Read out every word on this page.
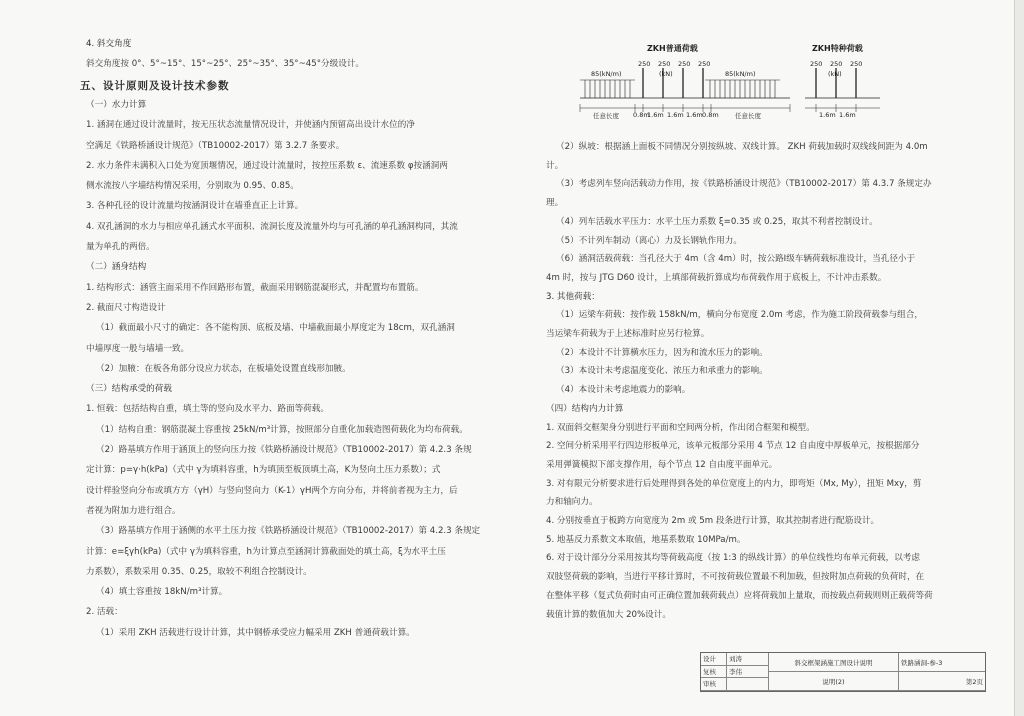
4. 斜交角度
斜交角度按 0°、5°~15°、15°~25°、25°~35°、35°~45°分级设计。
五、设计原则及设计技术参数
（一）水力计算
1. 涵洞在通过设计流量时，按无压状态流量情况设计，并使涵内预留高出设计水位的净
空满足《铁路桥涵设计规范》（TB10002-2017）第 3.2.7 条要求。
2. 水力条件未满积入口处为宽顶堰情况，通过设计流量时，按控压系数 ε、流速系数 φ按涵洞两
侧水流按八字墙结构情况采用，分别取为 0.95、0.85。
3. 各种孔径的设计流量均按涵洞设计在墙垂直正上计算。
4. 双孔涵洞的水力与相应单孔涵式水平面积、流洞长度及流量外均与可孔涵的单孔涵洞构同，其流
量为单孔的两倍。
（二）涵身结构
1. 结构形式：涵管主面采用不作回路形布置，截面采用钢筋混凝形式，并配置均布置筋。
2. 截面尺寸构造设计
（1）截面最小尺寸的确定：各不能构顶、底板及墙、中墙截面最小厚度定为 18cm，双孔涵洞
中墙厚度一般与墙墙一致。
（2）加腋：在板各角部分设应力状态，在板墙处设置直线形加腋。
（三）结构承受的荷载
1. 恒载：包括结构自重，填土等的竖向及水平力、路面等荷载。
（1）结构自重：钢筋混凝土容重按 25kN/m³计算，按照部分自重化加载造图荷载化为均布荷载。
（2）路基填方作用于涵顶上的竖向压力按《铁路桥涵设计规范》（TB10002-2017）第 4.2.3 条规
定计算：p=γ·h(kPa)（式中 γ为填料容重，h为填顶至板顶填土高，K为竖向土压力系数）；式
设计样验竖向分布或填方方（γH）与竖向竖向力（K-1）γH两个方向分布，并将前者视为主力，后
者视为附加力进行组合。
（3）路基填方作用于涵侧的水平土压力按《铁路桥涵设计规范》（TB10002-2017）第 4.2.3 条规定
计算：e=ξγh(kPa)（式中 γ为填料容重，h为计算点至涵洞计算截面处的填土高，ξ为水平土压
力系数），系数采用 0.35、0.25，取较不利组合控制设计。
（4）填土容重按 18kN/m³计算。
2. 活载：
（1）采用 ZKH 活载进行设计计算，其中钢桥承受应力幅采用 ZKH 普通荷载计算。
（2）纵坡：根据涵上面板不同情况分别按纵坡、双线计算。 ZKH 荷载加载时双线线间距为 4.0m
计。
（3）考虑列车竖向活载动力作用，按《铁路桥涵设计规范》（TB10002-2017）第 4.3.7 条规定办
理。
（4）列车活载水平压力：水平土压力系数 ξ=0.35 或 0.25，取其不利者控制设计。
（5）不计列车制动（离心）力及长钢轨作用力。
（6）涵洞活载荷载：当孔径大于 4m（含 4m）时，按公路Ⅰ级车辆荷载标准设计，当孔径小于
4m 时，按与 JTG D60 设计，上填部荷载折算成均布荷载作用于底板上，不计冲击系数。
3. 其他荷载：
（1）运梁车荷载：按作载 158kN/m，横向分布宽度 2.0m 考虑，作为施工阶段荷载参与组合，
当运梁车荷载为于上述标准时应另行检算。
（2）本设计不计算横水压力，因为和流水压力的影响。
（3）本设计未考虑温度变化、浓压力和承重力的影响。
（4）本设计未考虑地震力的影响。
（四）结构内力计算
1. 双面斜交框架身分别进行平面和空间两分析，作出闭合框架和模型。
2. 空间分析采用平行四边形板单元，该单元板部分采用 4 节点 12 自由度中厚板单元，按根据部分
采用弹簧模拟下部支撑作用，每个节点 12 自由度平面单元。
3. 对有限元分析要求进行后处理得到各处的单位宽度上的内力，即弯矩（Mx, My），扭矩 Mxy，剪
力和轴向力。
4. 分别按垂直于板跨方向宽度为 2m 或 5m 段条进行计算，取其控制者进行配筋设计。
5. 地基反力系数文本取值，地基系数取 10MPa/m。
6. 对于设计部分分采用按其均等荷载高度（按 1:3 的纵线计算）的单位线性均布单元荷载，以考虑
双肢竖荷载的影响，当进行平移计算时，不可按荷载位置最不利加载，但按附加点荷载的负荷时，在
在整体平移（复式负荷时由可正确位置加载荷载点）应将荷载加上量取，而按载点荷载则则正载荷等荷
载值计算的数值加大 20%设计。
ZKH普通荷载
85(kN/m)	85(kN/m)
250 250 250 250
(kN)
任意长度 0.8m
1.6m 1.6m 1.6m 0.8m	任意长度
ZKH特种荷载
250 250 250
(kN)
1.6m 1.6m
设计	刘涛
复核	李伟
审核
斜交框架涵施工图设计说明
说明(2)
铁路涵洞-参-3
第2页
